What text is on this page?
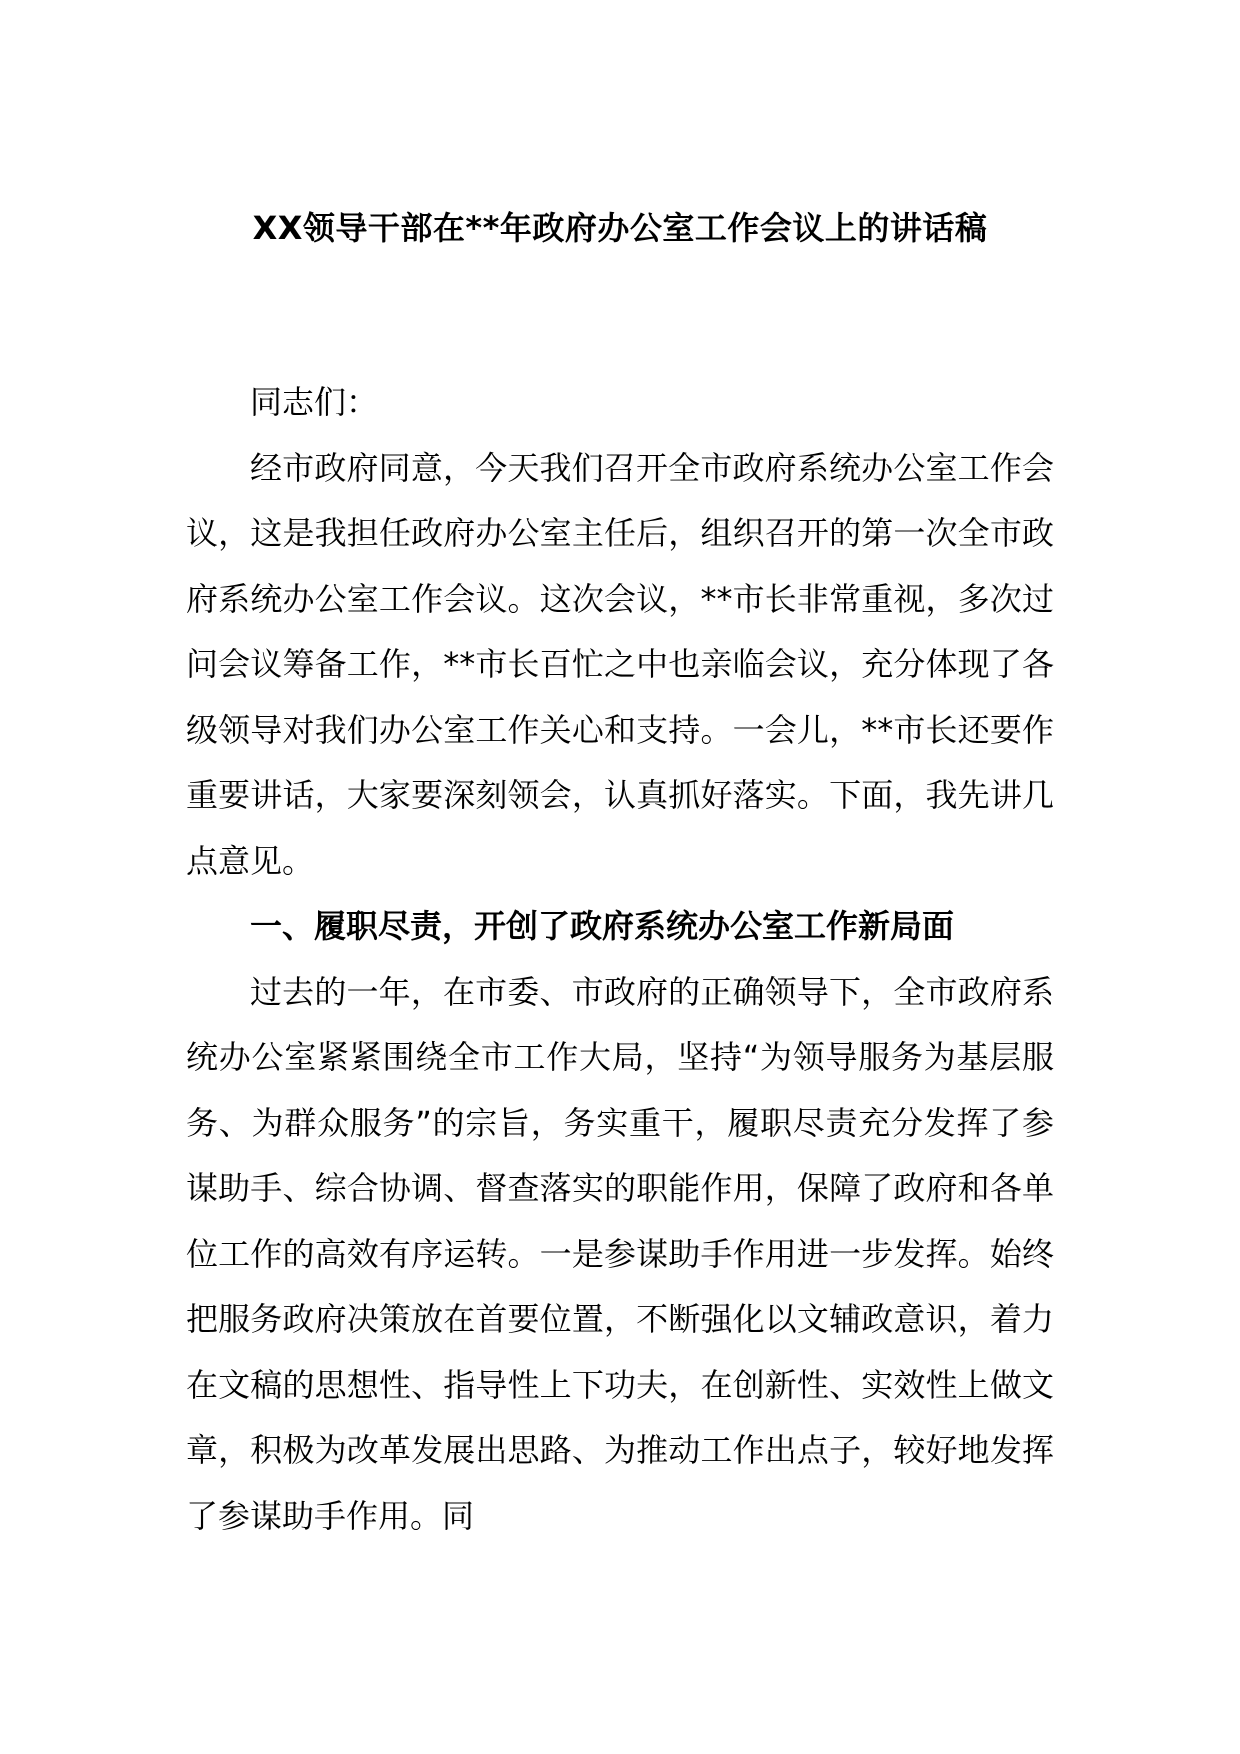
XX领导干部在**年政府办公室工作会议上的讲话稿

同志们：

经市政府同意，今天我们召开全市政府系统办公室工作会议，这是我担任政府办公室主任后，组织召开的第一次全市政府系统办公室工作会议。这次会议，**市长非常重视，多次过问会议筹备工作，**市长百忙之中也亲临会议，充分体现了各级领导对我们办公室工作关心和支持。一会儿，**市长还要作重要讲话，大家要深刻领会，认真抓好落实。下面，我先讲几点意见。

一、履职尽责，开创了政府系统办公室工作新局面

过去的一年，在市委、市政府的正确领导下，全市政府系统办公室紧紧围绕全市工作大局，坚持“为领导服务为基层服务、为群众服务”的宗旨，务实重干，履职尽责充分发挥了参谋助手、综合协调、督查落实的职能作用，保障了政府和各单位工作的高效有序运转。一是参谋助手作用进一步发挥。始终把服务政府决策放在首要位置，不断强化以文辅政意识，着力在文稿的思想性、指导性上下功夫，在创新性、实效性上做文章，积极为改革发展出思路、为推动工作出点子，较好地发挥了参谋助手作用。同
